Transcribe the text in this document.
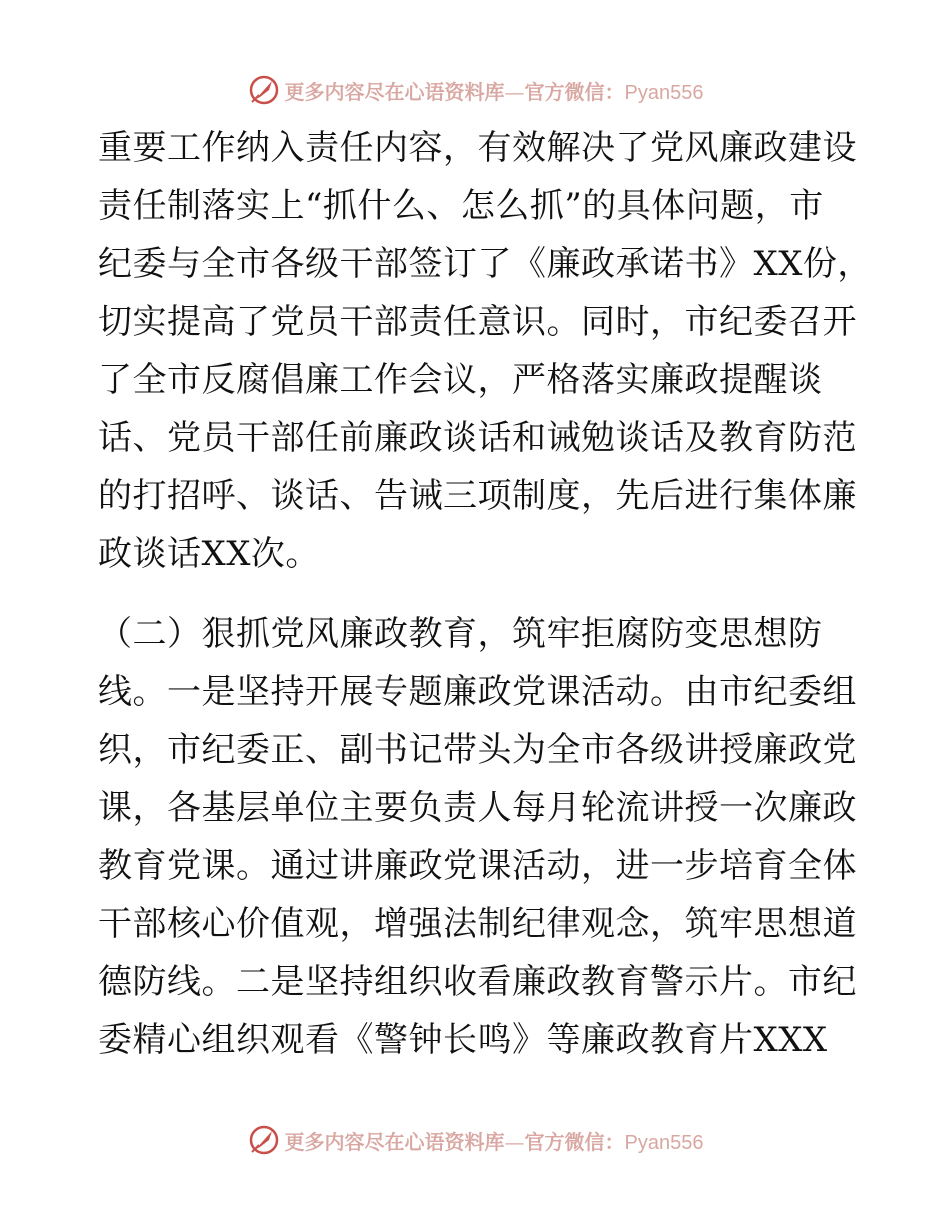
更多内容尽在心语资料库—官方微信：Pyan556
重要工作纳入责任内容，有效解决了党风廉政建设
责任制落实上“抓什么、怎么抓”的具体问题，市
纪委与全市各级干部签订了《廉政承诺书》XX份，
切实提高了党员干部责任意识。同时，市纪委召开
了全市反腐倡廉工作会议，严格落实廉政提醒谈
话、党员干部任前廉政谈话和诫勉谈话及教育防范
的打招呼、谈话、告诫三项制度，先后进行集体廉
政谈话XX次。
（二）狠抓党风廉政教育，筑牢拒腐防变思想防
线。一是坚持开展专题廉政党课活动。由市纪委组
织，市纪委正、副书记带头为全市各级讲授廉政党
课，各基层单位主要负责人每月轮流讲授一次廉政
教育党课。通过讲廉政党课活动，进一步培育全体
干部核心价值观，增强法制纪律观念，筑牢思想道
德防线。二是坚持组织收看廉政教育警示片。市纪
委精心组织观看《警钟长鸣》等廉政教育片XXX
更多内容尽在心语资料库—官方微信：Pyan556
